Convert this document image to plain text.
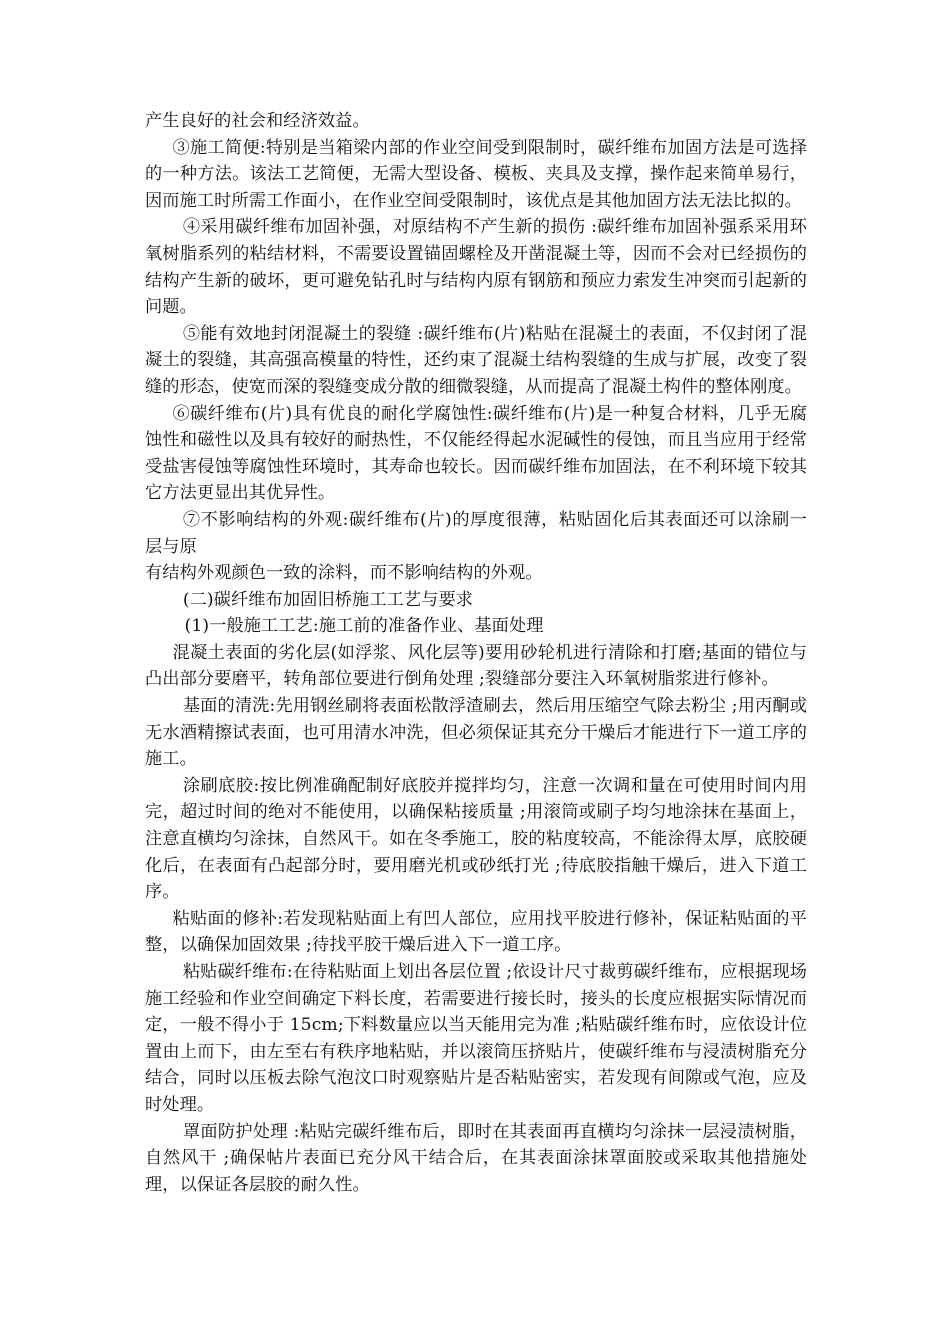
产生良好的社会和经济效益。

③施工简便:特别是当箱梁内部的作业空间受到限制时，碳纤维布加固方法是可选择的一种方法。该法工艺简便，无需大型设备、模板、夹具及支撑，操作起来简单易行，因而施工时所需工作面小，在作业空间受限制时，该优点是其他加固方法无法比拟的。

④采用碳纤维布加固补强，对原结构不产生新的损伤 :碳纤维布加固补强系采用环氧树脂系列的粘结材料，不需要设置锚固螺栓及开凿混凝土等，因而不会对已经损伤的结构产生新的破坏，更可避免钻孔时与结构内原有钢筋和预应力索发生冲突而引起新的问题。

⑤能有效地封闭混凝土的裂缝 :碳纤维布(片)粘贴在混凝土的表面，不仅封闭了混凝土的裂缝，其高强高模量的特性，还约束了混凝土结构裂缝的生成与扩展，改变了裂缝的形态，使宽而深的裂缝变成分散的细微裂缝，从而提高了混凝土构件的整体刚度。

⑥碳纤维布(片)具有优良的耐化学腐蚀性:碳纤维布(片)是一种复合材料，几乎无腐蚀性和磁性以及具有较好的耐热性，不仅能经得起水泥碱性的侵蚀，而且当应用于经常受盐害侵蚀等腐蚀性环境时，其寿命也较长。因而碳纤维布加固法，在不利环境下较其它方法更显出其优异性。

⑦不影响结构的外观:碳纤维布(片)的厚度很薄，粘贴固化后其表面还可以涂刷一层与原

有结构外观颜色一致的涂料，而不影响结构的外观。

(二)碳纤维布加固旧桥施工工艺与要求

(1)一般施工工艺:施工前的准备作业、基面处理

混凝土表面的劣化层(如浮浆、风化层等)要用砂轮机进行清除和打磨;基面的错位与凸出部分要磨平，转角部位要进行倒角处理 ;裂缝部分要注入环氧树脂浆进行修补。

基面的清洗:先用钢丝刷将表面松散浮渣刷去，然后用压缩空气除去粉尘 ;用丙酮或无水酒精擦试表面，也可用清水冲洗，但必须保证其充分干燥后才能进行下一道工序的施工。

涂刷底胶:按比例准确配制好底胶并搅拌均匀，注意一次调和量在可使用时间内用完，超过时间的绝对不能使用，以确保粘接质量 ;用滚筒或刷子均匀地涂抹在基面上，注意直横均匀涂抹，自然风干。如在冬季施工，胶的粘度较高，不能涂得太厚，底胶硬化后，在表面有凸起部分时，要用磨光机或砂纸打光 ;待底胶指触干燥后，进入下道工序。

粘贴面的修补:若发现粘贴面上有凹人部位，应用找平胶进行修补，保证粘贴面的平整，以确保加固效果 ;待找平胶干燥后进入下一道工序。

粘贴碳纤维布:在待粘贴面上划出各层位置 ;依设计尺寸裁剪碳纤维布，应根据现场施工经验和作业空间确定下料长度，若需要进行接长时，接头的长度应根据实际情况而定，一般不得小于 15cm;下料数量应以当天能用完为准 ;粘贴碳纤维布时，应依设计位置由上而下，由左至右有秩序地粘贴，并以滚筒压挤贴片，使碳纤维布与浸渍树脂充分结合，同时以压板去除气泡汶口时观察贴片是否粘贴密实，若发现有间隙或气泡，应及时处理。

罩面防护处理 :粘贴完碳纤维布后，即时在其表面再直横均匀涂抹一层浸渍树脂，自然风干 ;确保帖片表面已充分风干结合后，在其表面涂抹罩面胶或采取其他措施处理，以保证各层胶的耐久性。
